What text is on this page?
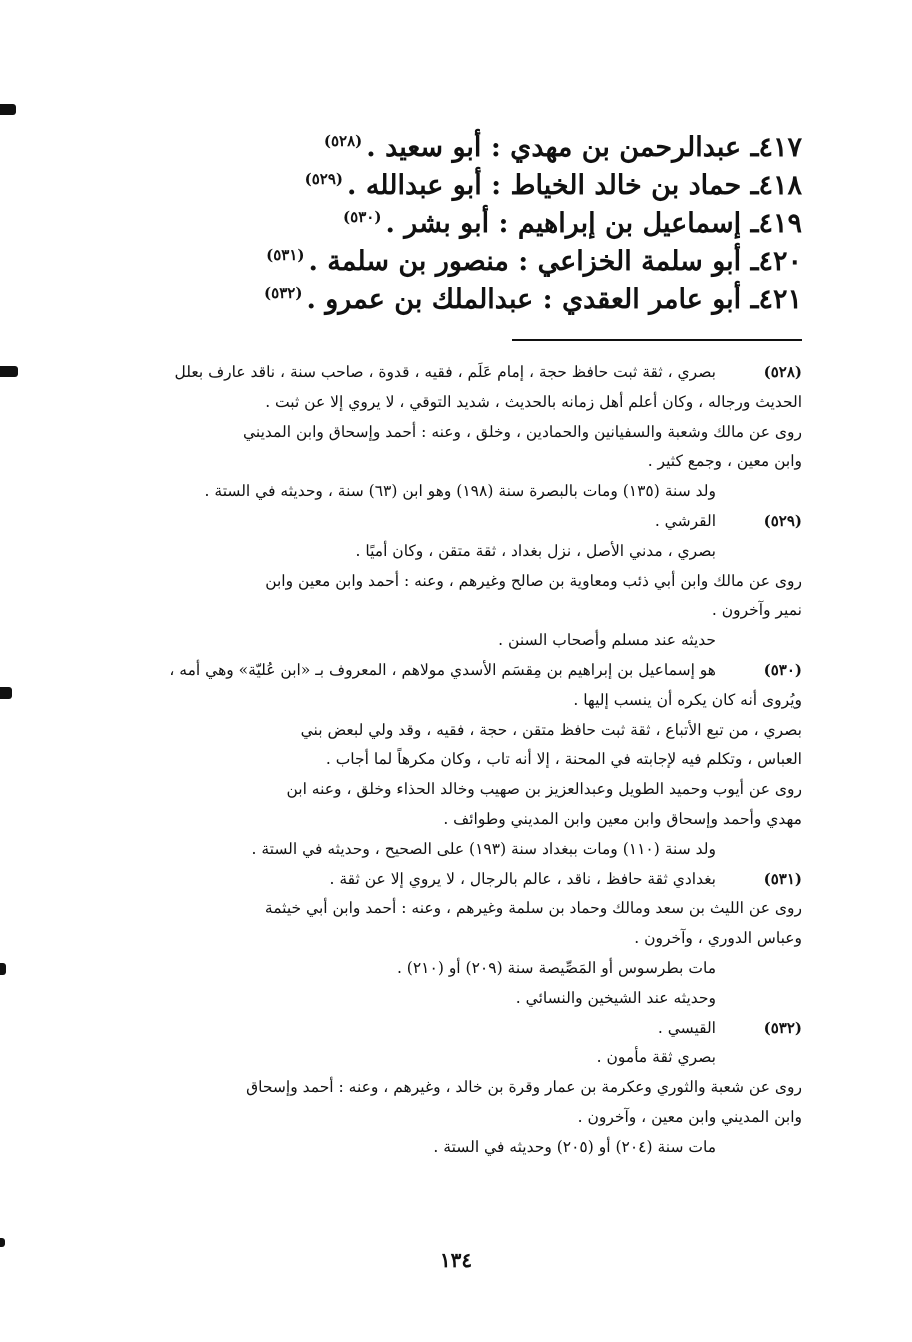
٤١٧ـ عبدالرحمن بن مهدي : أبو سعيد .$^{(٥٢٨)}$
٤١٨ـ حماد بن خالد الخياط : أبو عبدالله .$^{(٥٢٩)}$
٤١٩ـ إسماعيل بن إبراهيم : أبو بشر .$^{(٥٣٠)}$
٤٢٠ـ أبو سلمة الخزاعي : منصور بن سلمة .$^{(٥٣١)}$
٤٢١ـ أبو عامر العقدي : عبدالملك بن عمرو .$^{(٥٣٢)}$
(٥٢٨)

بصري ، ثقة ثبت حافظ حجة ، إمام عَلَم ، فقيه ، قدوة ، صاحب سنة ، ناقد عارف بعلل

الحديث ورجاله ، وكان أعلم أهل زمانه بالحديث ، شديد التوقي ، لا يروي إلا عن ثبت .

روى عن مالك وشعبة والسفيانين والحمادين ، وخلق ، وعنه : أحمد وإسحاق وابن المديني

وابن معين ، وجمع كثير .

ولد سنة (١٣٥) ومات بالبصرة سنة (١٩٨) وهو ابن (٦٣) سنة ، وحديثه في الستة .

(٥٢٩)

القرشي .

بصري ، مدني الأصل ، نزل بغداد ، ثقة متقن ، وكان أميًا .

روى عن مالك وابن أبي ذئب ومعاوية بن صالح وغيرهم ، وعنه : أحمد وابن معين وابن

نمير وآخرون .

حديثه عند مسلم وأصحاب السنن .

(٥٣٠)

هو إسماعيل بن إبراهيم بن مِقسَم الأسدي مولاهم ، المعروف بـ «ابن عُليّة» وهي أمه ،

ويُروى أنه كان يكره أن ينسب إليها .

بصري ، من تبع الأتباع ، ثقة ثبت حافظ متقن ، حجة ، فقيه ، وقد ولي لبعض بني

العباس ، وتكلم فيه لإجابته في المحنة ، إلا أنه تاب ، وكان مكرهاً لما أجاب .

روى عن أيوب وحميد الطويل وعبدالعزيز بن صهيب وخالد الحذاء وخلق ، وعنه ابن

مهدي وأحمد وإسحاق وابن معين وابن المديني وطوائف .

ولد سنة (١١٠) ومات ببغداد سنة (١٩٣) على الصحيح ، وحديثه في الستة .

(٥٣١)

بغدادي ثقة حافظ ، ناقد ، عالم بالرجال ، لا يروي إلا عن ثقة .

روى عن الليث بن سعد ومالك وحماد بن سلمة وغيرهم ، وعنه : أحمد وابن أبي خيثمة

وعباس الدوري ، وآخرون .

مات بطرسوس أو المَصِّيصة سنة (٢٠٩) أو (٢١٠) .

وحديثه عند الشيخين والنسائي .

(٥٣٢)

القيسي .

بصري ثقة مأمون .

روى عن شعبة والثوري وعكرمة بن عمار وقرة بن خالد ، وغيرهم ، وعنه : أحمد وإسحاق

وابن المديني وابن معين ، وآخرون .

مات سنة (٢٠٤) أو (٢٠٥) وحديثه في الستة .

١٣٤
